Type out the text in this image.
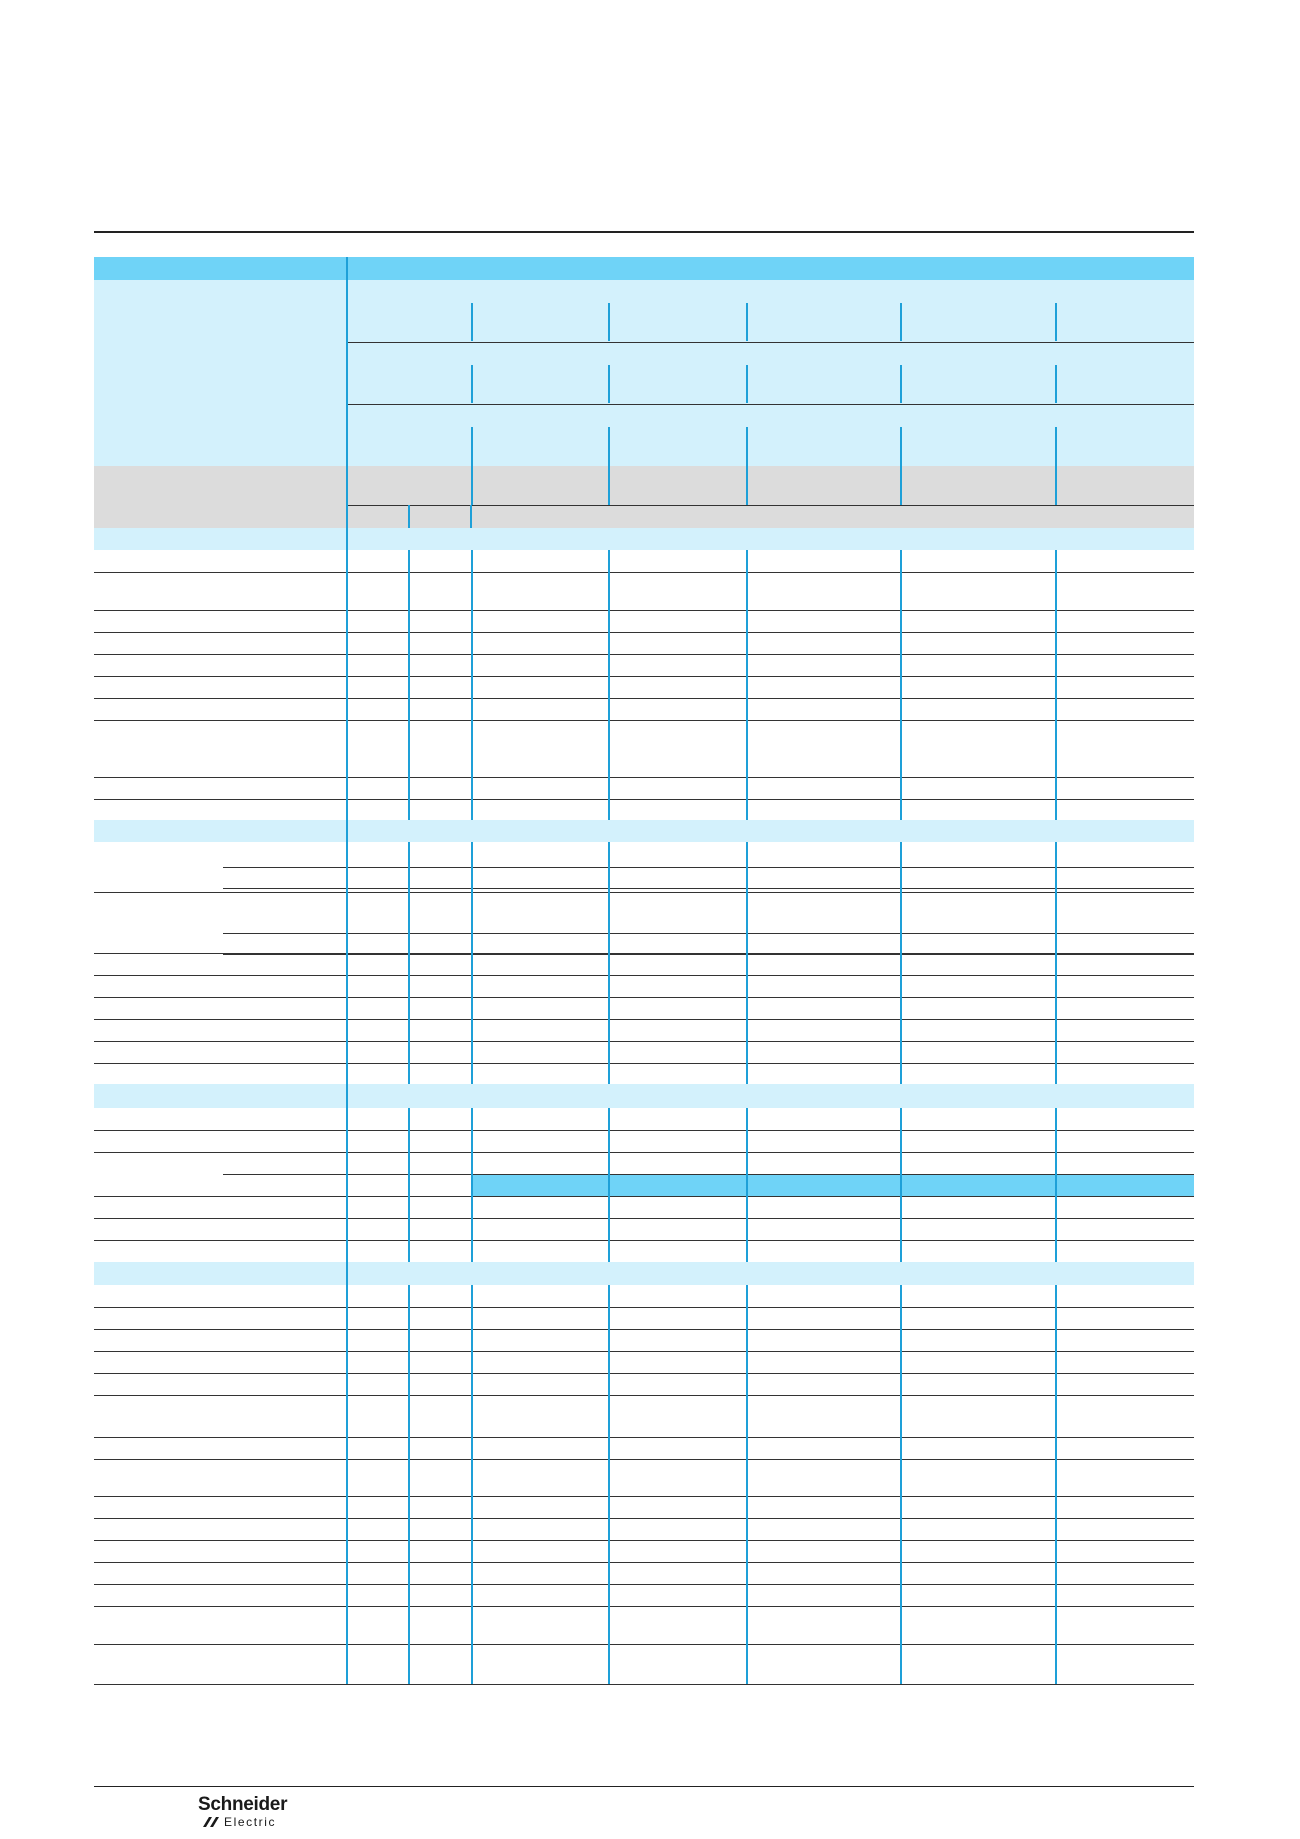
Schneider
Electric
